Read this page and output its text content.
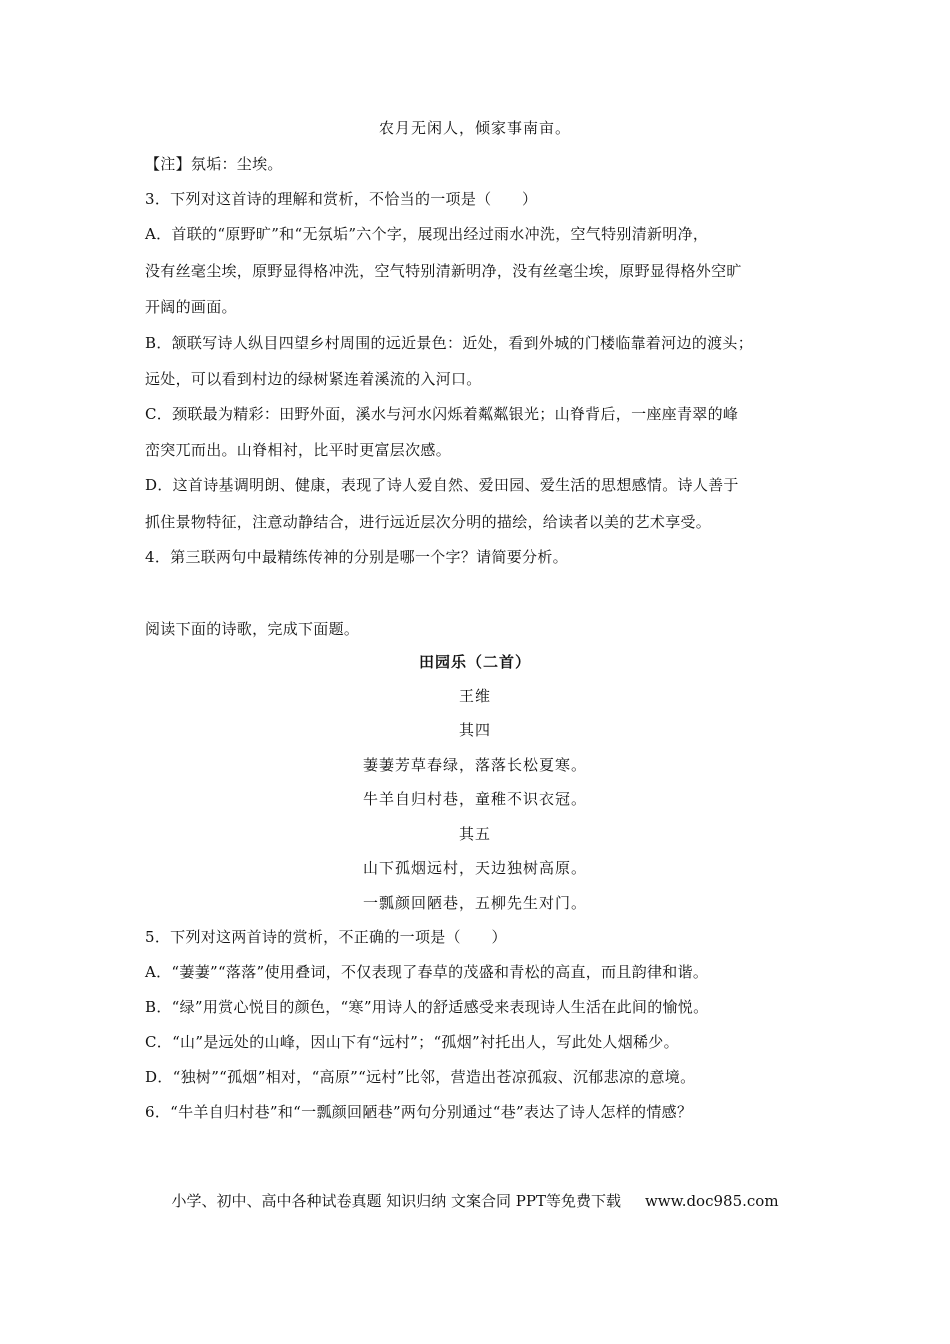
农月无闲人，倾家事南亩。
【注】氛垢：尘埃。
3．下列对这首诗的理解和赏析，不恰当的一项是（　　）
A．首联的“原野旷”和“无氛垢”六个字，展现出经过雨水冲洗，空气特别清新明净，
没有丝毫尘埃，原野显得格冲洗，空气特别清新明净，没有丝毫尘埃，原野显得格外空旷
开阔的画面。
B．颔联写诗人纵目四望乡村周围的远近景色：近处，看到外城的门楼临靠着河边的渡头；
远处，可以看到村边的绿树紧连着溪流的入河口。
C．颈联最为精彩：田野外面，溪水与河水闪烁着粼粼银光；山脊背后，一座座青翠的峰
峦突兀而出。山脊相衬，比平时更富层次感。
D．这首诗基调明朗、健康，表现了诗人爱自然、爱田园、爱生活的思想感情。诗人善于
抓住景物特征，注意动静结合，进行远近层次分明的描绘，给读者以美的艺术享受。
4．第三联两句中最精练传神的分别是哪一个字？请简要分析。
阅读下面的诗歌，完成下面题。
田园乐（二首）
王维
其四
萋萋芳草春绿，落落长松夏寒。
牛羊自归村巷，童稚不识衣冠。
其五
山下孤烟远村，天边独树高原。
一瓢颜回陋巷，五柳先生对门。
5．下列对这两首诗的赏析，不正确的一项是（　　）
A．“萋萋”“落落”使用叠词，不仅表现了春草的茂盛和青松的高直，而且韵律和谐。
B．“绿”用赏心悦目的颜色，“寒”用诗人的舒适感受来表现诗人生活在此间的愉悦。
C．“山”是远处的山峰，因山下有“远村”；“孤烟”衬托出人，写此处人烟稀少。
D．“独树”“孤烟”相对，“高原”“远村”比邻，营造出苍凉孤寂、沉郁悲凉的意境。
6．“牛羊自归村巷”和“一瓢颜回陋巷”两句分别通过“巷”表达了诗人怎样的情感？
小学、初中、高中各种试卷真题 知识归纳 文案合同 PPT等免费下载 www.doc985.com
